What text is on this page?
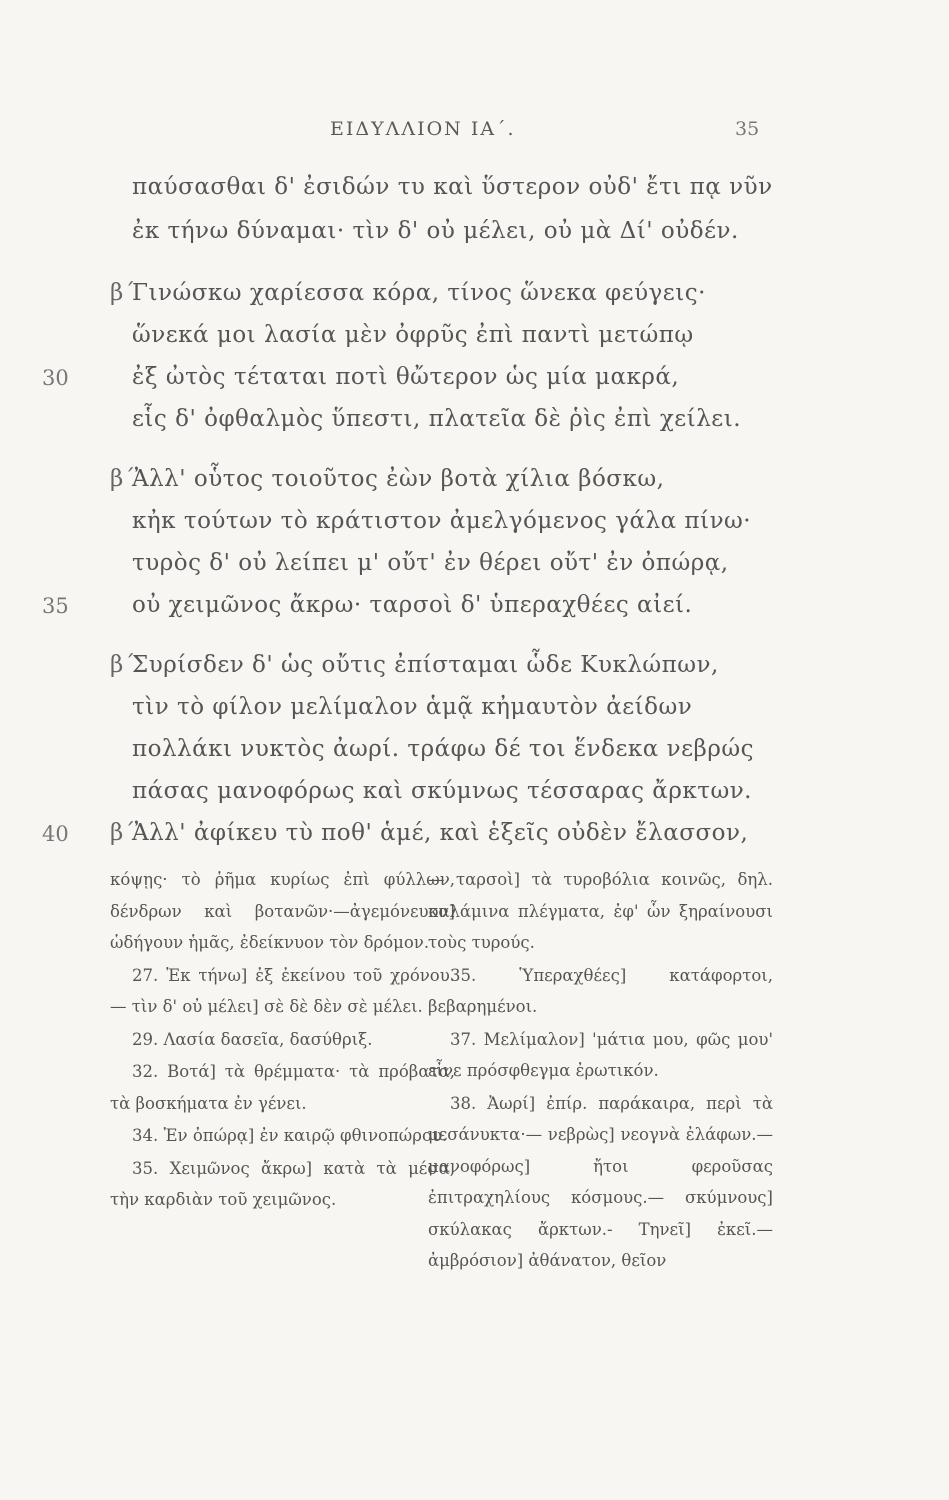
ΕΙΔΥΛΛΙΟΝ ΙΑ΄.	35
παύσασθαι δ' ἐσιδών τυ καὶ ὕστερον οὐδ' ἔτι πᾳ νῦν
ἐκ τήνω δύναμαι· τὶν δ' οὐ μέλει, οὐ μὰ Δί' οὐδέν.
β΄Γινώσκω χαρίεσσα κόρα, τίνος ὥνεκα φεύγεις·
ὥνεκά μοι λασία μὲν ὀφρῦς ἐπὶ παντὶ μετώπῳ
ἐξ ὠτὸς τέταται ποτὶ θὤτερον ὡς μία μακρά,
εἷς δ' ὀφθαλμὸς ὕπεστι, πλατεῖα δὲ ῥὶς ἐπὶ χείλει.
β΄Ἀλλ' οὗτος τοιοῦτος ἐὼν βοτὰ χίλια βόσκω,
κἠκ τούτων τὸ κράτιστον ἀμελγόμενος γάλα πίνω·
τυρὸς δ' οὐ λείπει μ' οὔτ' ἐν θέρει οὔτ' ἐν ὀπώρᾳ,
οὐ χειμῶνος ἄκρω· ταρσοὶ δ' ὑπεραχθέες αἰεί.
β΄Συρίσδεν δ' ὡς οὔτις ἐπίσταμαι ὧδε Κυκλώπων,
τὶν τὸ φίλον μελίμαλον ἁμᾷ κἠμαυτὸν ἀείδων
πολλάκι νυκτὸς ἀωρί. τράφω δέ τοι ἕνδεκα νεβρώς
πάσας μανοφόρως καὶ σκύμνως τέσσαρας ἄρκτων.
β΄Ἀλλ' ἀφίκευ τὺ ποθ' ἁμέ, καὶ ἑξεῖς οὐδὲν ἔλασσον,
30
35
40

κόψῃς· τὸ ῥῆμα κυρίως ἐπὶ φύλλων, δένδρων καὶ βοτανῶν·—ἀγεμόνευον] ὡδήγουν ἡμᾶς, ἐδείκνυον τὸν δρόμον.

27. Ἐκ τήνω] ἐξ ἐκείνου τοῦ χρόνου.— τὶν δ' οὐ μέλει] σὲ δὲ δὲν σὲ μέλει.

29. Λασία δασεῖα, δασύθριξ.

32. Βοτά] τὰ θρέμματα· τὰ πρόβατα, τὰ βοσκήματα ἐν γένει.

34. Ἐν ὀπώρᾳ] ἐν καιρῷ φθινοπώρου.

35. Χειμῶνος ἄκρω] κατὰ τὰ μέσα, τὴν καρδιὰν τοῦ χειμῶνος.

— ταρσοὶ] τὰ τυροβόλια κοινῶς, δηλ. καλάμινα πλέγματα, ἐφ' ὧν ξηραίνουσι τοὺς τυρούς.

35. Ὑπεραχθέες] κατάφορτοι, βεβαρημένοι.

37. Μελίμαλον] 'μάτια μου, φῶς μου' εἶνε πρόσφθεγμα ἐρωτικόν.

38. Ἀωρί] ἐπίρ. παράκαιρα, περὶ τὰ μεσάνυκτα·— νεβρὼς] νεογνὰ ἐλάφων.— μανοφόρως] ἤτοι φεροῦσας ἐπιτραχηλίους κόσμους.— σκύμνους] σκύλακας ἄρκτων.- Τηνεῖ] ἐκεῖ.— ἀμβρόσιον] ἀθάνατον, θεῖον
